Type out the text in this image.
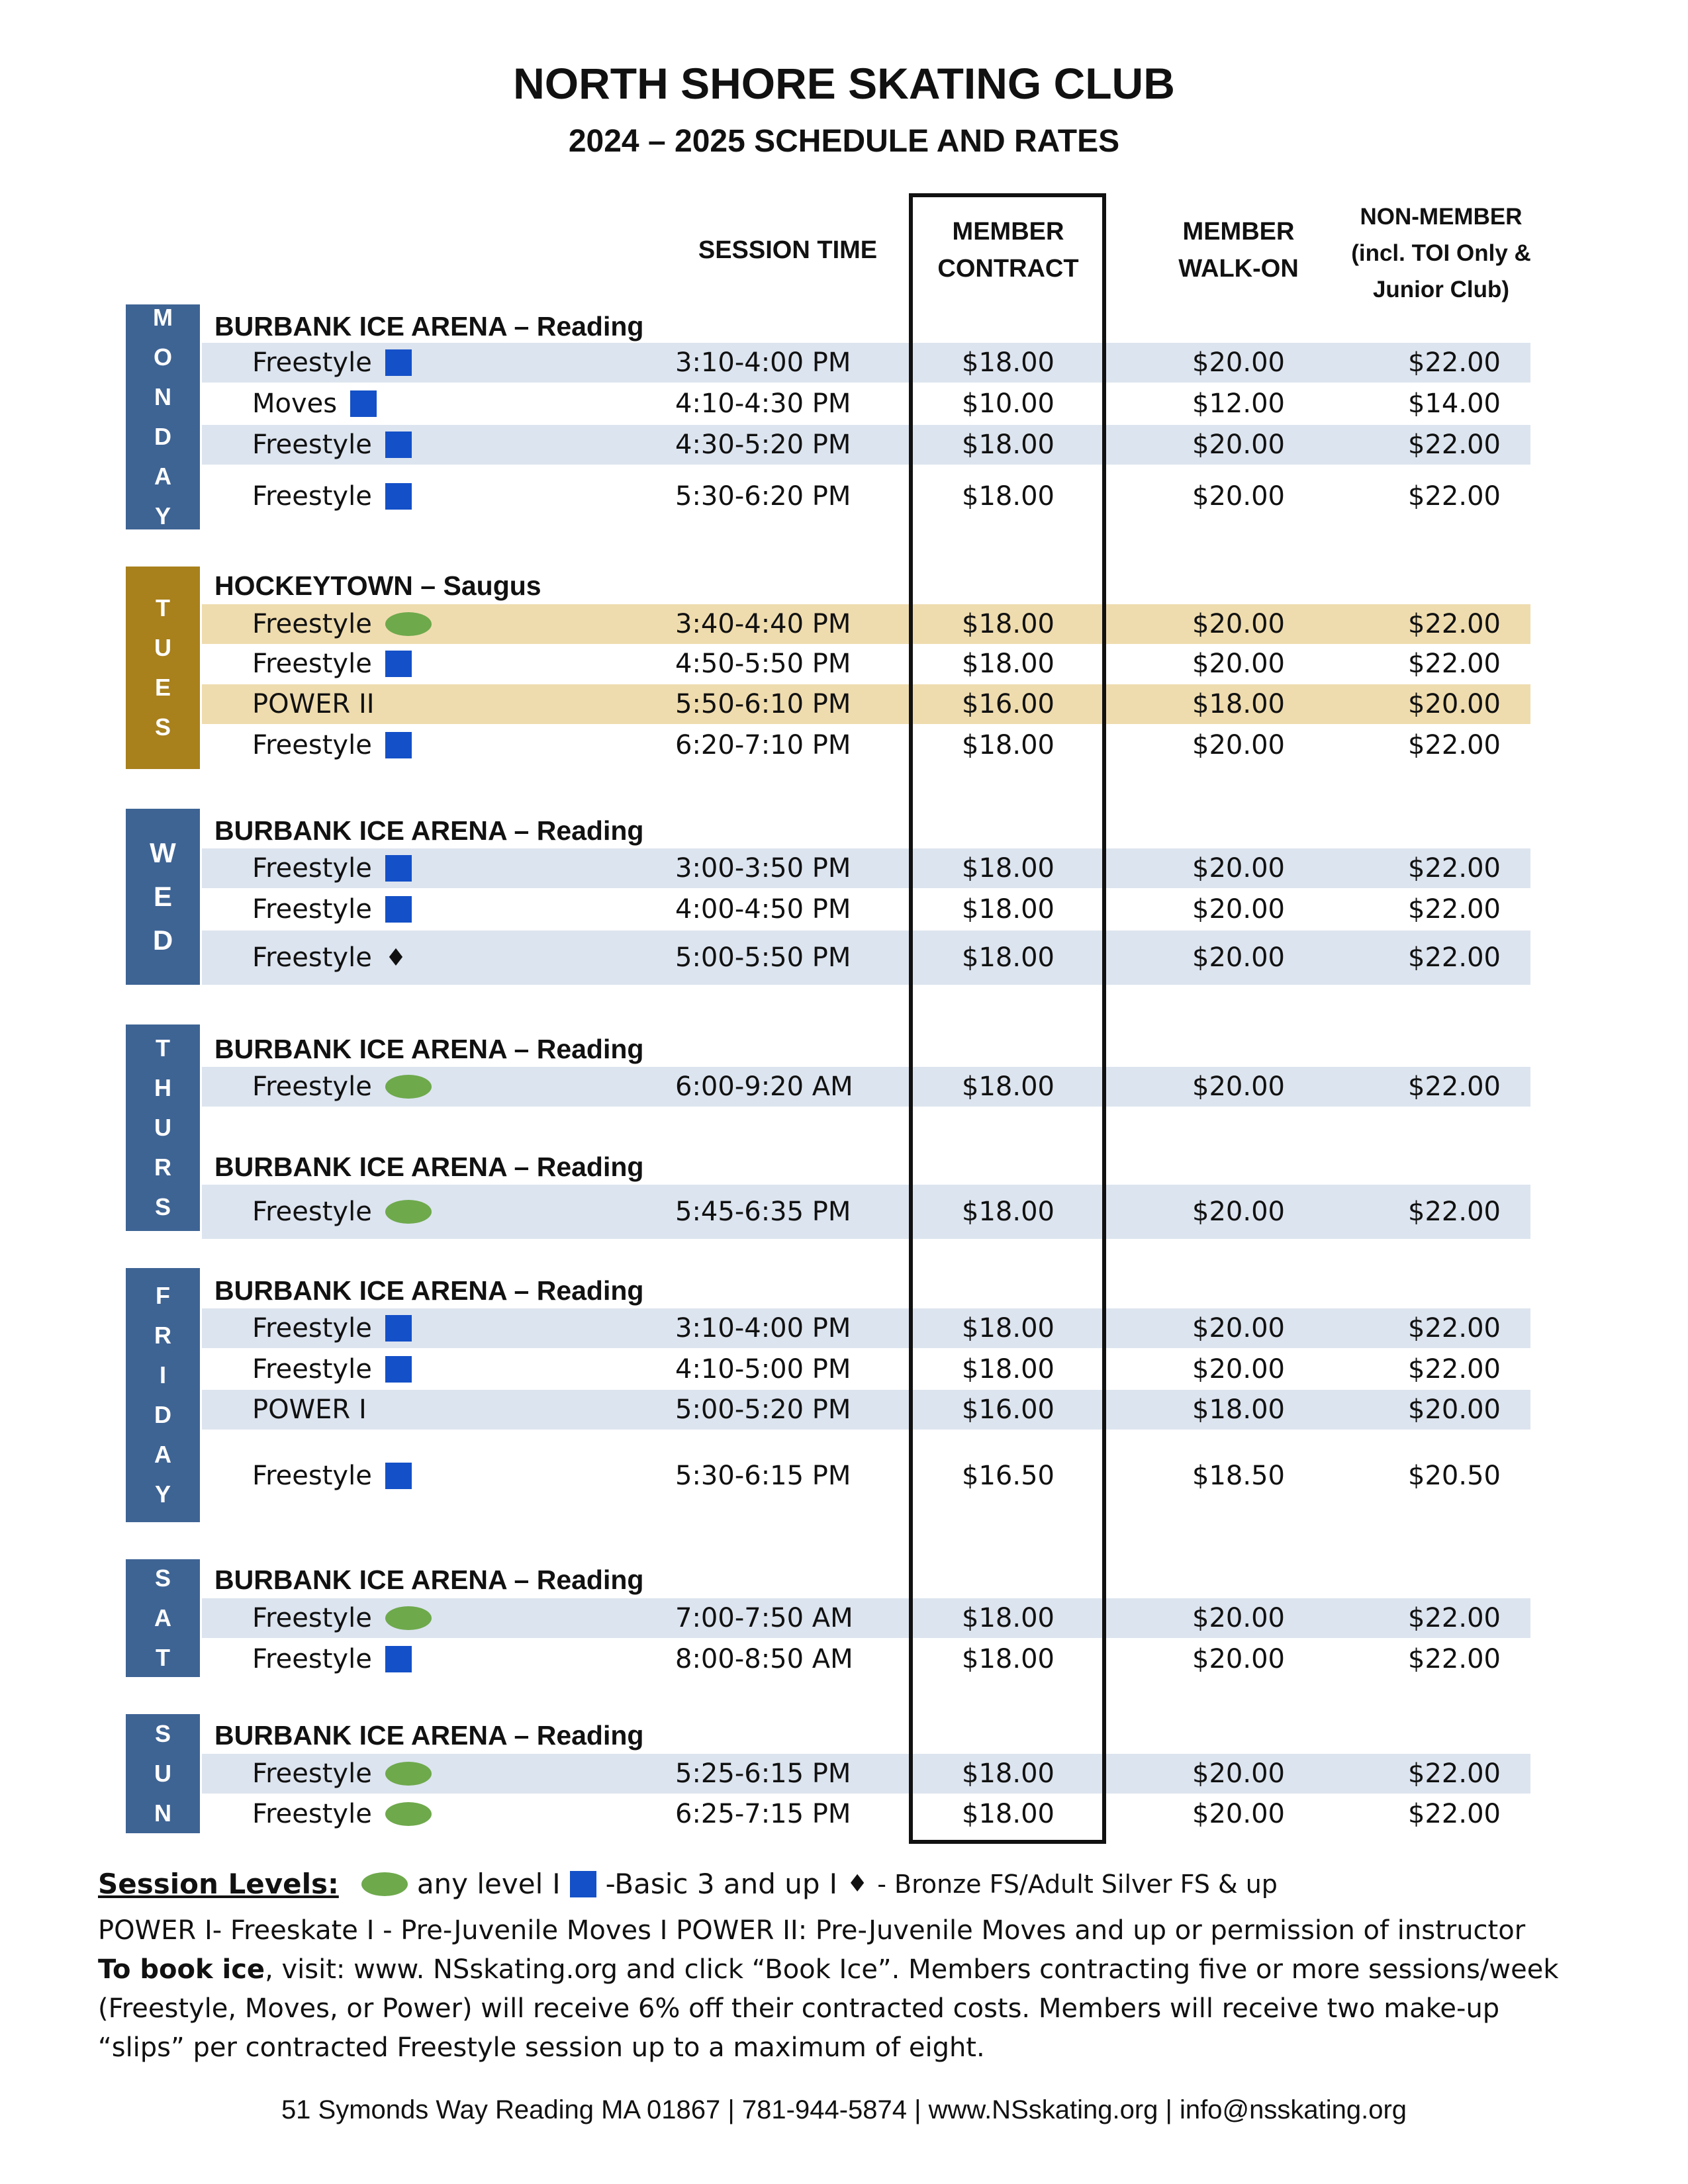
NORTH SHORE SKATING CLUB
2024 – 2025 SCHEDULE AND RATES
SESSION TIME
MEMBER
CONTRACT
MEMBER
WALK-ON
NON-MEMBER
(incl. TOI Only &
Junior Club)
M
O
N
D
A
Y
BURBANK ICE ARENA – Reading
Freestyle	3:10-4:00 PM	$18.00	$20.00	$22.00
Moves	4:10-4:30 PM	$10.00	$12.00	$14.00
Freestyle	4:30-5:20 PM	$18.00	$20.00	$22.00
Freestyle	5:30-6:20 PM	$18.00	$20.00	$22.00
T
U
E
S
HOCKEYTOWN – Saugus
Freestyle	3:40-4:40 PM	$18.00	$20.00	$22.00
Freestyle	4:50-5:50 PM	$18.00	$20.00	$22.00
POWER II	5:50-6:10 PM	$16.00	$18.00	$20.00
Freestyle	6:20-7:10 PM	$18.00	$20.00	$22.00
W
E
D
BURBANK ICE ARENA – Reading
Freestyle	3:00-3:50 PM	$18.00	$20.00	$22.00
Freestyle	4:00-4:50 PM	$18.00	$20.00	$22.00
Freestyle ♦	5:00-5:50 PM	$18.00	$20.00	$22.00
T
H
U
R
S
BURBANK ICE ARENA – Reading
Freestyle	6:00-9:20 AM	$18.00	$20.00	$22.00
BURBANK ICE ARENA – Reading
Freestyle	5:45-6:35 PM	$18.00	$20.00	$22.00
F
R
I
D
A
Y
BURBANK ICE ARENA – Reading
Freestyle	3:10-4:00 PM	$18.00	$20.00	$22.00
Freestyle	4:10-5:00 PM	$18.00	$20.00	$22.00
POWER I	5:00-5:20 PM	$16.00	$18.00	$20.00
Freestyle	5:30-6:15 PM	$16.50	$18.50	$20.50
S
A
T
BURBANK ICE ARENA – Reading
Freestyle	7:00-7:50 AM	$18.00	$20.00	$22.00
Freestyle	8:00-8:50 AM	$18.00	$20.00	$22.00
S
U
N
BURBANK ICE ARENA – Reading
Freestyle	5:25-6:15 PM	$18.00	$20.00	$22.00
Freestyle	6:25-7:15 PM	$18.00	$20.00	$22.00
Session Levels:	any level I -Basic 3 and up I ♦ - Bronze FS/Adult Silver FS & up
POWER I- Freeskate I - Pre-Juvenile Moves I POWER II: Pre-Juvenile Moves and up or permission of instructor
To book ice, visit: www. NSskating.org and click “Book Ice”. Members contracting five or more sessions/week
(Freestyle, Moves, or Power) will receive 6% off their contracted costs. Members will receive two make-up
“slips” per contracted Freestyle session up to a maximum of eight.
51 Symonds Way Reading MA 01867 | 781-944-5874 | www.NSskating.org | info@nsskating.org
